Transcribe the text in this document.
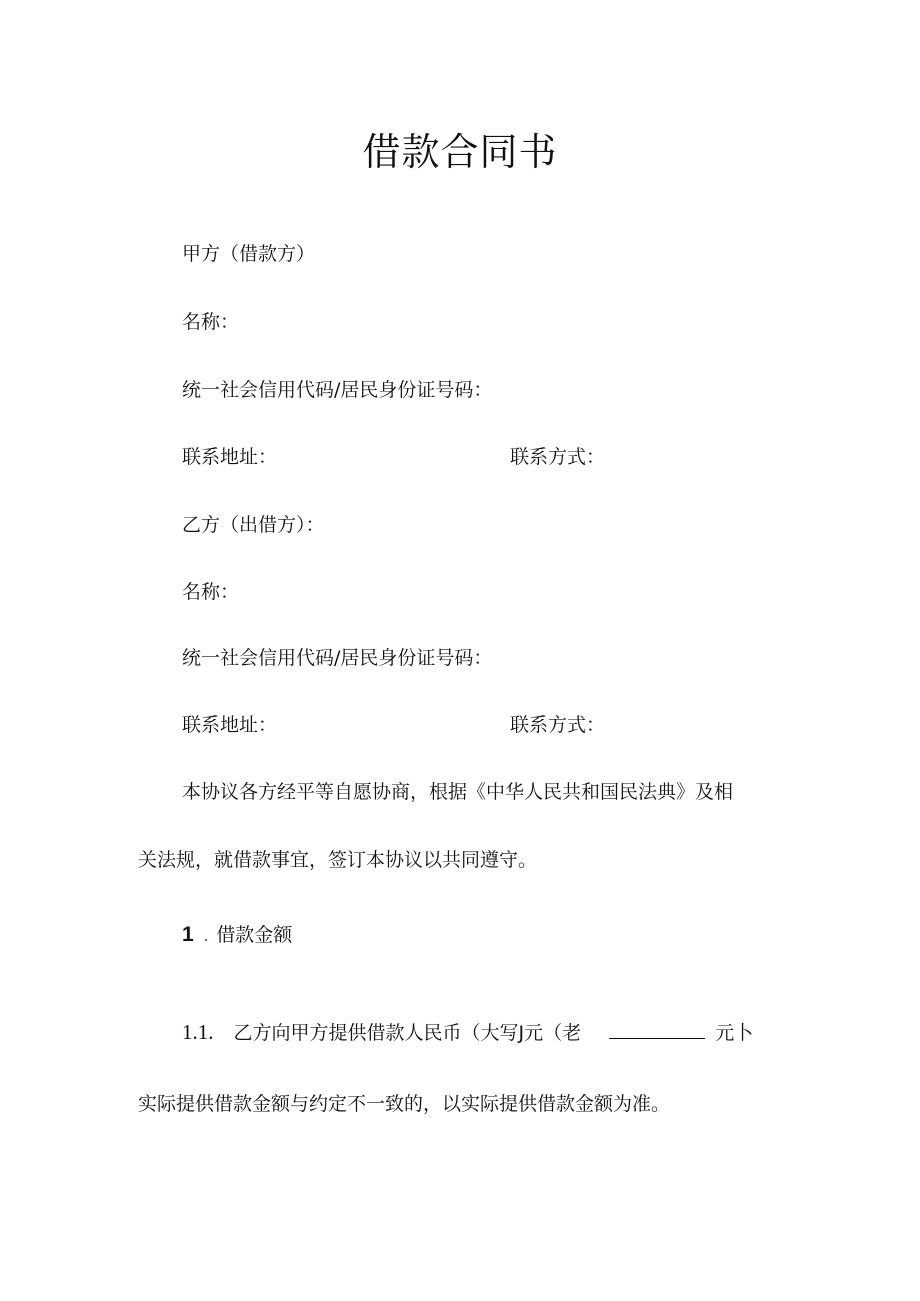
借款合同书
甲方（借款方）
名称：
统一社会信用代码/居民身份证号码：
联系地址：	联系方式：
乙方（出借方）：
名称：
统一社会信用代码/居民身份证号码：
联系地址：	联系方式：
本协议各方经平等自愿协商，根据《中华人民共和国民法典》及相
关法规，就借款事宜，签订本协议以共同遵守。
1 . 借款金额
1.1. 乙方向甲方提供借款人民币（大写J元（老	元卜
实际提供借款金额与约定不一致的，以实际提供借款金额为准。
